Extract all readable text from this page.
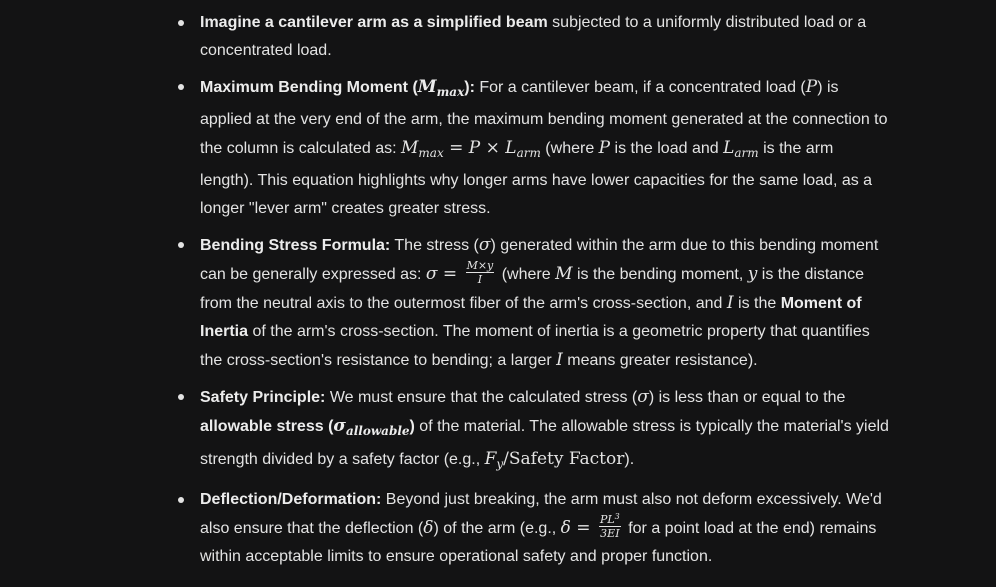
Imagine a cantilever arm as a simplified beam subjected to a uniformly distributed load or a concentrated load.
Maximum Bending Moment $(M_{max})$: For a cantilever beam, if a concentrated load (P) is applied at the very end of the arm, the maximum bending moment generated at the connection to the column is calculated as: $M_{max} = P \times L_{arm}$ (where P is the load and $L_{arm}$ is the arm length). This equation highlights why longer arms have lower capacities for the same load, as a longer "lever arm" creates greater stress.
Bending Stress Formula: The stress (σ) generated within the arm due to this bending moment can be generally expressed as: $\sigma = \frac{M\times y}{I}$ (where M is the bending moment, y is the distance from the neutral axis to the outermost fiber of the arm's cross-section, and I is the Moment of Inertia of the arm's cross-section. The moment of inertia is a geometric property that quantifies the cross-section's resistance to bending; a larger I means greater resistance).
Safety Principle: We must ensure that the calculated stress (σ) is less than or equal to the allowable stress $(\sigma_{allowable})$ of the material. The allowable stress is typically the material's yield strength divided by a safety factor (e.g., $F_y$/Safety Factor).
Deflection/Deformation: Beyond just breaking, the arm must also not deform excessively. We'd also ensure that the deflection (δ) of the arm (e.g., $\delta = \frac{PL^3}{3EI}$ for a point load at the end) remains within acceptable limits to ensure operational safety and proper function.
